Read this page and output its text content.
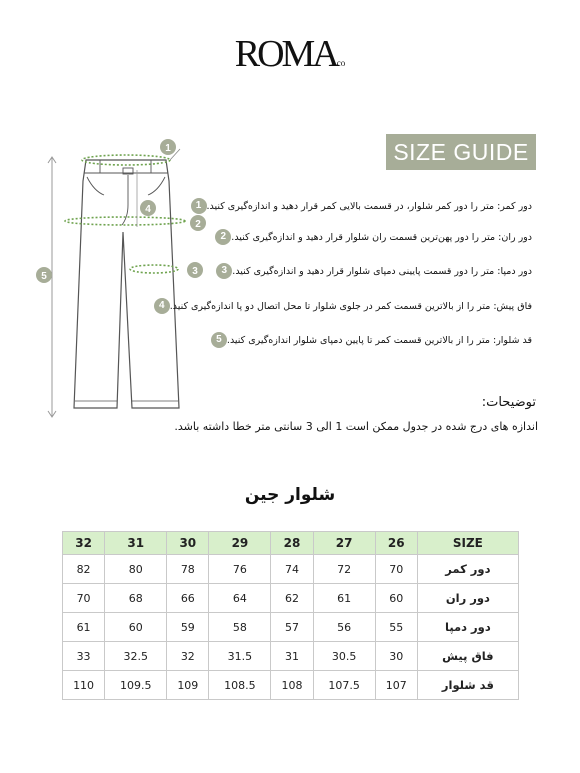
ROMAco
SIZE GUIDE
1
2
3
4
5
1 دور کمر: متر را دور کمر شلوار، در قسمت بالایی کمر قرار دهید و اندازه‌گیری کنید.
2 دور ران: متر را دور پهن‌ترین قسمت ران شلوار قرار دهید و اندازه‌گیری کنید.
3 دور دمپا: متر را دور قسمت پایینی دمپای شلوار قرار دهید و اندازه‌گیری کنید.
4 فاق پیش: متر را از بالاترین قسمت کمر در جلوی شلوار تا محل اتصال دو پا اندازه‌گیری کنید.
5 قد شلوار: متر را از بالاترین قسمت کمر تا پایین دمپای شلوار اندازه‌گیری کنید.
توضیحات:
اندازه های درج شده در جدول ممکن است 1 الی 3 سانتی متر خطا داشته باشد.
شلوار جین
SIZE	26	27	28	29	30	31	32
دور کمر	70	72	74	76	78	80	82
دور ران	60	61	62	64	66	68	70
دور دمپا	55	56	57	58	59	60	61
فاق پیش	30	30.5	31	31.5	32	32.5	33
قد شلوار	107	107.5	108	108.5	109	109.5	110
